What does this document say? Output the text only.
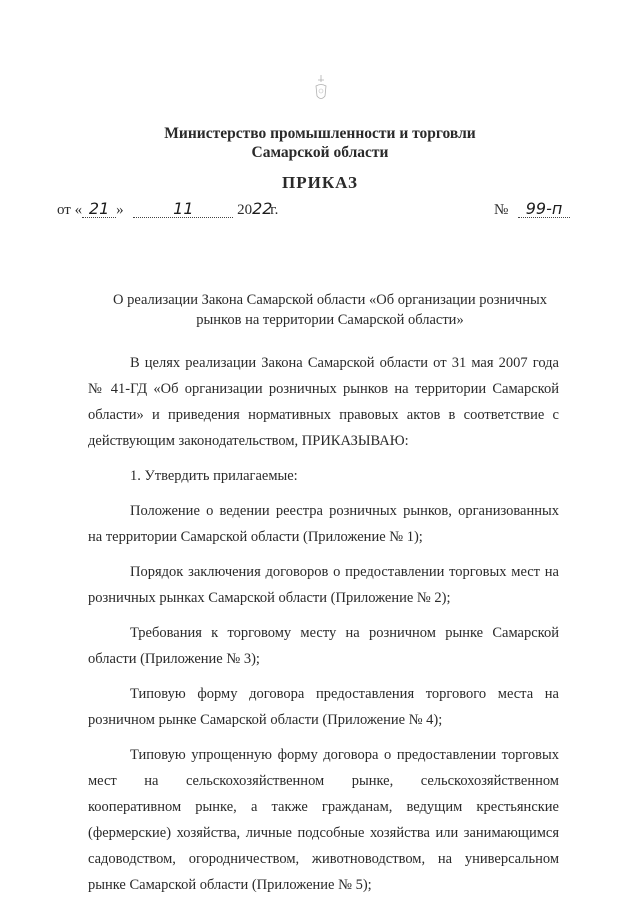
Министерство промышленности и торговли
Самарской области
ПРИКАЗ
от « 21 »	11	2022г.	№ 99-п
О реализации Закона Самарской области «Об организации розничных
рынков на территории Самарской области»

В целях реализации Закона Самарской области от 31 мая 2007 года № 41-ГД «Об организации розничных рынков на территории Самарской области» и приведения нормативных правовых актов в соответствие с действующим законодательством, ПРИКАЗЫВАЮ:

1. Утвердить прилагаемые:

Положение о ведении реестра розничных рынков, организованных на территории Самарской области (Приложение № 1);

Порядок заключения договоров о предоставлении торговых мест на розничных рынках Самарской области (Приложение № 2);

Требования к торговому месту на розничном рынке Самарской области (Приложение № 3);

Типовую форму договора предоставления торгового места на розничном рынке Самарской области (Приложение № 4);

Типовую упрощенную форму договора о предоставлении торговых мест на сельскохозяйственном рынке, сельскохозяйственном кооперативном рынке, а также гражданам, ведущим крестьянские (фермерские) хозяйства, личные подсобные хозяйства или занимающимся садоводством, огородничеством, животноводством, на универсальном рынке Самарской области (Приложение № 5);
